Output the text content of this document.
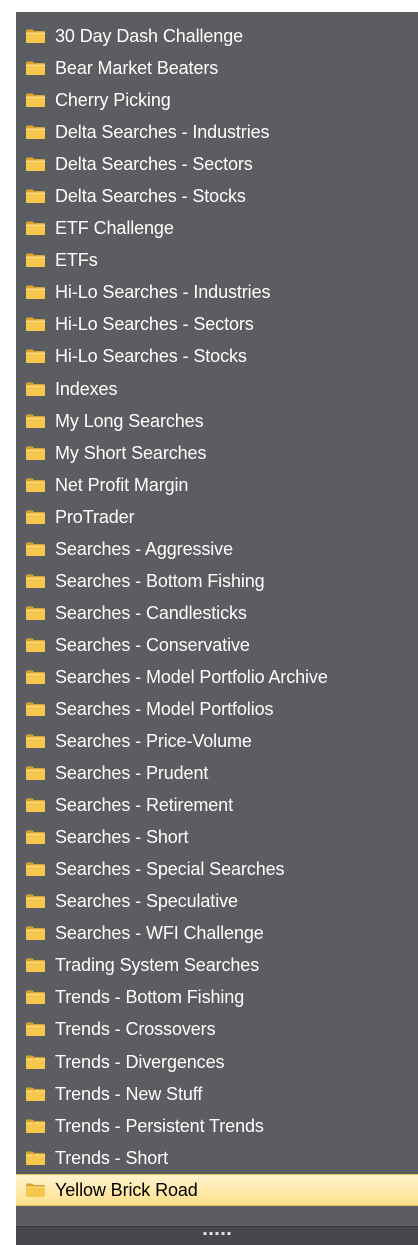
30 Day Dash Challenge
Bear Market Beaters
Cherry Picking
Delta Searches - Industries
Delta Searches - Sectors
Delta Searches - Stocks
ETF Challenge
ETFs
Hi-Lo Searches - Industries
Hi-Lo Searches - Sectors
Hi-Lo Searches - Stocks
Indexes
My Long Searches
My Short Searches
Net Profit Margin
ProTrader
Searches - Aggressive
Searches - Bottom Fishing
Searches - Candlesticks
Searches - Conservative
Searches - Model Portfolio Archive
Searches - Model Portfolios
Searches - Price-Volume
Searches - Prudent
Searches - Retirement
Searches - Short
Searches - Special Searches
Searches - Speculative
Searches - WFI Challenge
Trading System Searches
Trends - Bottom Fishing
Trends - Crossovers
Trends - Divergences
Trends - New Stuff
Trends - Persistent Trends
Trends - Short
Yellow Brick Road
